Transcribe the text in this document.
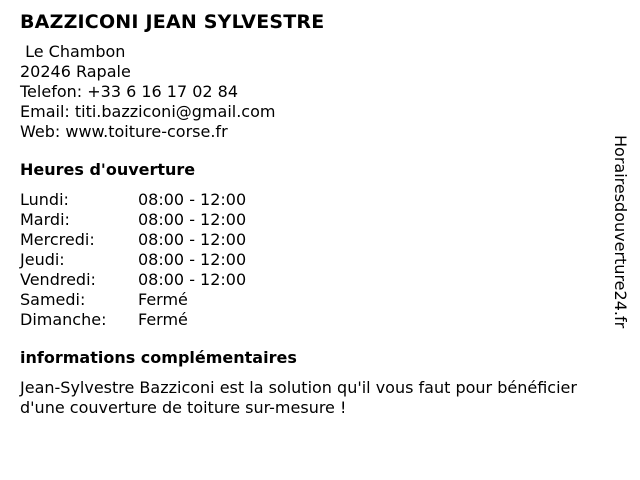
BAZZICONI JEAN SYLVESTRE
Le Chambon
20246 Rapale
Telefon: +33 6 16 17 02 84
Email: titi.bazziconi@gmail.com
Web: www.toiture-corse.fr
Heures d'ouverture
Lundi:	08:00 - 12:00
Mardi:	08:00 - 12:00
Mercredi:	08:00 - 12:00
Jeudi:	08:00 - 12:00
Vendredi:	08:00 - 12:00
Samedi:	Fermé
Dimanche:	Fermé
informations complémentaires
Jean-Sylvestre Bazziconi est la solution qu'il vous faut pour bénéficier d'une couverture de toiture sur-mesure !
Horairesdouverture24.fr
